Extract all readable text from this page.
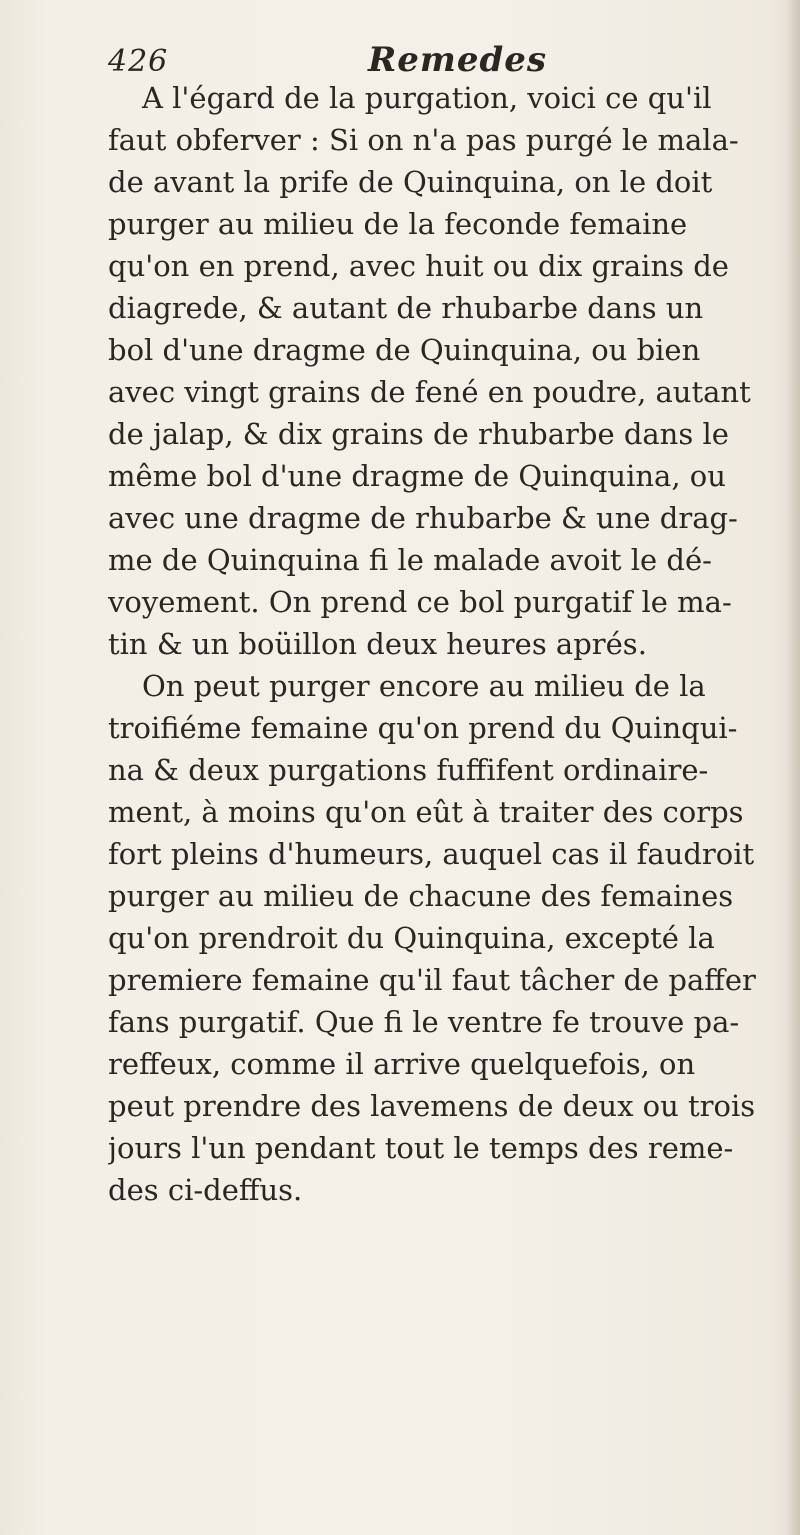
426	Remedes
A l'égard de la purgation, voici ce qu'il
faut obferver : Si on n'a pas purgé le mala-
de avant la prife de Quinquina, on le doit
purger au milieu de la feconde femaine
qu'on en prend, avec huit ou dix grains de
diagrede, & autant de rhubarbe dans un
bol d'une dragme de Quinquina, ou bien
avec vingt grains de fené en poudre, autant
de jalap, & dix grains de rhubarbe dans le
même bol d'une dragme de Quinquina, ou
avec une dragme de rhubarbe & une drag-
me de Quinquina fi le malade avoit le dé-
voyement. On prend ce bol purgatif le ma-
tin & un boüillon deux heures aprés.
On peut purger encore au milieu de la
troifiéme femaine qu'on prend du Quinqui-
na & deux purgations fuffifent ordinaire-
ment, à moins qu'on eût à traiter des corps
fort pleins d'humeurs, auquel cas il faudroit
purger au milieu de chacune des femaines
qu'on prendroit du Quinquina, excepté la
premiere femaine qu'il faut tâcher de paffer
fans purgatif. Que fi le ventre fe trouve pa-
reffeux, comme il arrive quelquefois, on
peut prendre des lavemens de deux ou trois
jours l'un pendant tout le temps des reme-
des ci-deffus.
